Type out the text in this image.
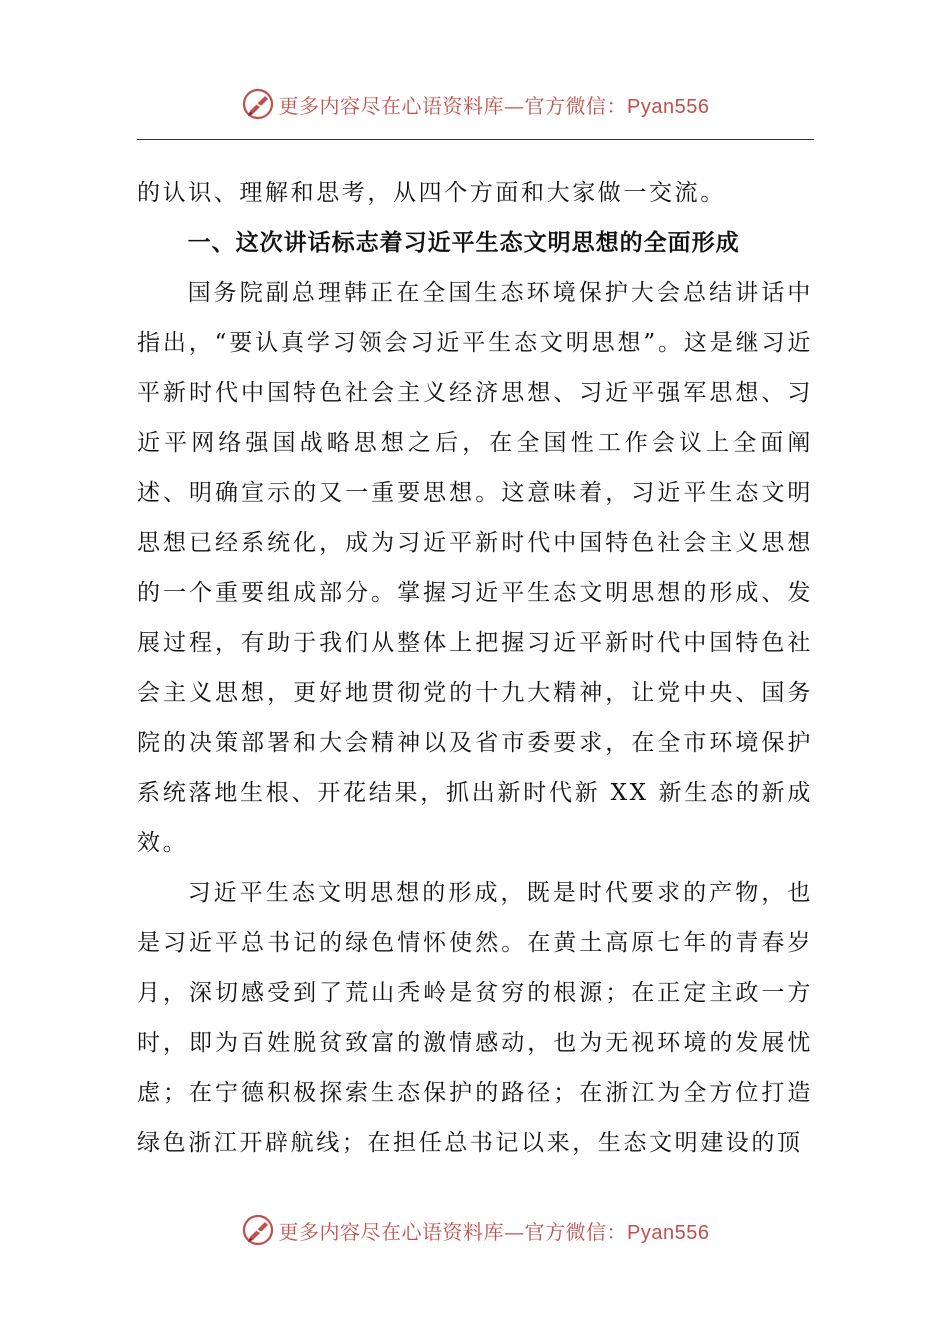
更多内容尽在心语资料库—官方微信：Pyan556

的认识、理解和思考，从四个方面和大家做一交流。

一、这次讲话标志着习近平生态文明思想的全面形成

国务院副总理韩正在全国生态环境保护大会总结讲话中指出，“要认真学习领会习近平生态文明思想”。这是继习近平新时代中国特色社会主义经济思想、习近平强军思想、习近平网络强国战略思想之后，在全国性工作会议上全面阐述、明确宣示的又一重要思想。这意味着，习近平生态文明思想已经系统化，成为习近平新时代中国特色社会主义思想的一个重要组成部分。掌握习近平生态文明思想的形成、发展过程，有助于我们从整体上把握习近平新时代中国特色社会主义思想，更好地贯彻党的十九大精神，让党中央、国务院的决策部署和大会精神以及省市委要求，在全市环境保护系统落地生根、开花结果，抓出新时代新 XX 新生态的新成效。

习近平生态文明思想的形成，既是时代要求的产物，也是习近平总书记的绿色情怀使然。在黄土高原七年的青春岁月，深切感受到了荒山秃岭是贫穷的根源；在正定主政一方时，即为百姓脱贫致富的激情感动，也为无视环境的发展忧虑；在宁德积极探索生态保护的路径；在浙江为全方位打造绿色浙江开辟航线；在担任总书记以来，生态文明建设的顶

更多内容尽在心语资料库—官方微信：Pyan556
